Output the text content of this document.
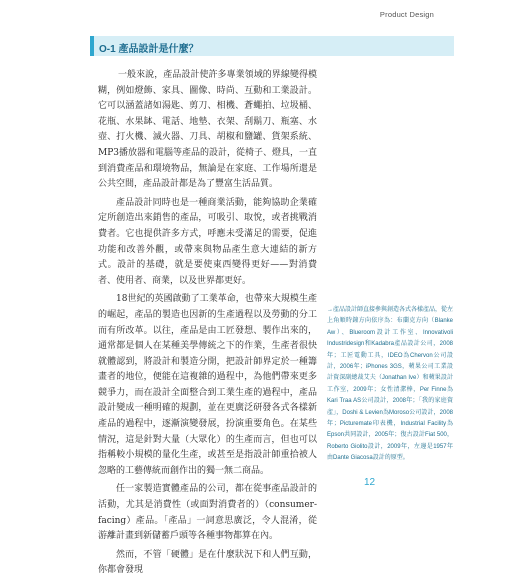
Product Design
O-1 產品設計是什麼？

一般來說，產品設計使許多專業領域的界線變得模糊，例如燈飾、家具、圖像、時尚、互動和工業設計。它可以涵蓋諸如湯匙、剪刀、相機、蒼蠅拍、垃圾桶、花瓶、水果缽、電話、地墊、衣架、刮鬍刀、瓶塞、水壺、打火機、滅火器、刀具、胡椒和鹽罐、貨架系統、MP3播放器和電腦等產品的設計，從椅子、燈具，一直到消費產品和環境物品，無論是在家庭、工作場所還是公共空間，產品設計都是為了豐富生活品質。

產品設計同時也是一種商業活動，能夠協助企業確定所創造出來銷售的產品，可吸引、取悅，或者挑戰消費者。它也提供許多方式，呼應未受滿足的需要，促進功能和改善外觀，或帶來與物品產生意大連結的新方式。設計的基礎，就是要使東西變得更好——對消費者、使用者、商業，以及世界都更好。

18世紀的英國啟動了工業革命，也帶來大規模生產的崛起，產品的製造也因新的生產過程以及勞動的分工而有所改革。以往，產品是由工匠發想、製作出來的，通常都是個人在某種美學傳統之下的作業，生產者很快就體認到，將設計和製造分開，把設計師界定於一種籌畫者的地位，便能在這複雜的過程中，為他們帶來更多競爭力，而在設計全面整合到工業生產的過程中，產品設計變成一種明確的規劃，並在更廣泛研發各式各樣新產品的過程中，逐漸演變發展，扮演重要角色。在某些情況，這是針對大量（大眾化）的生產而言，但也可以指稱較小規模的量化生產，或甚至是指設計師重拾被人忽略的工藝傳統而創作出的獨一無二商品。

任一家製造實體產品的公司，都在從事產品設計的活動，尤其是消費性（或面對消費者的）（consumer-facing）產品。「產品」一詞意思廣泛，令人混淆，從游離計畫到新儲蓄戶頭等各種事物都算在內。

然而，不管「硬體」是在什麼狀況下和人們互動，你都會發現

→產品設計師直接參與創造各式各樣產品，從左上角順時鐘方向依序為：布蘭克方向（Blanke Aw）、Blueroom設計工作室、Innovativoli Industridesign和Kadabra產品設計公司，2008年；工匠電動工具，IDEO為Chervon公司設計，2006年；iPhones 3GS，蘋果公司工業設計資深副總裁艾夫（Jonathan Ive）和蘋果設計工作室，2009年；女性清潔棒，Per Finne為Kari Traa AS公司設計，2008年；「我的家庭資產」，Doshi & Levien為Moroso公司設計，2008年；Picturemate印表機，Industrial Facility為Epson共同設計，2005年；復古設計Fiat 500，Roberto Giolito設計，2009年，左邊是1957年由Dante Giacosa設計的原型。
12
